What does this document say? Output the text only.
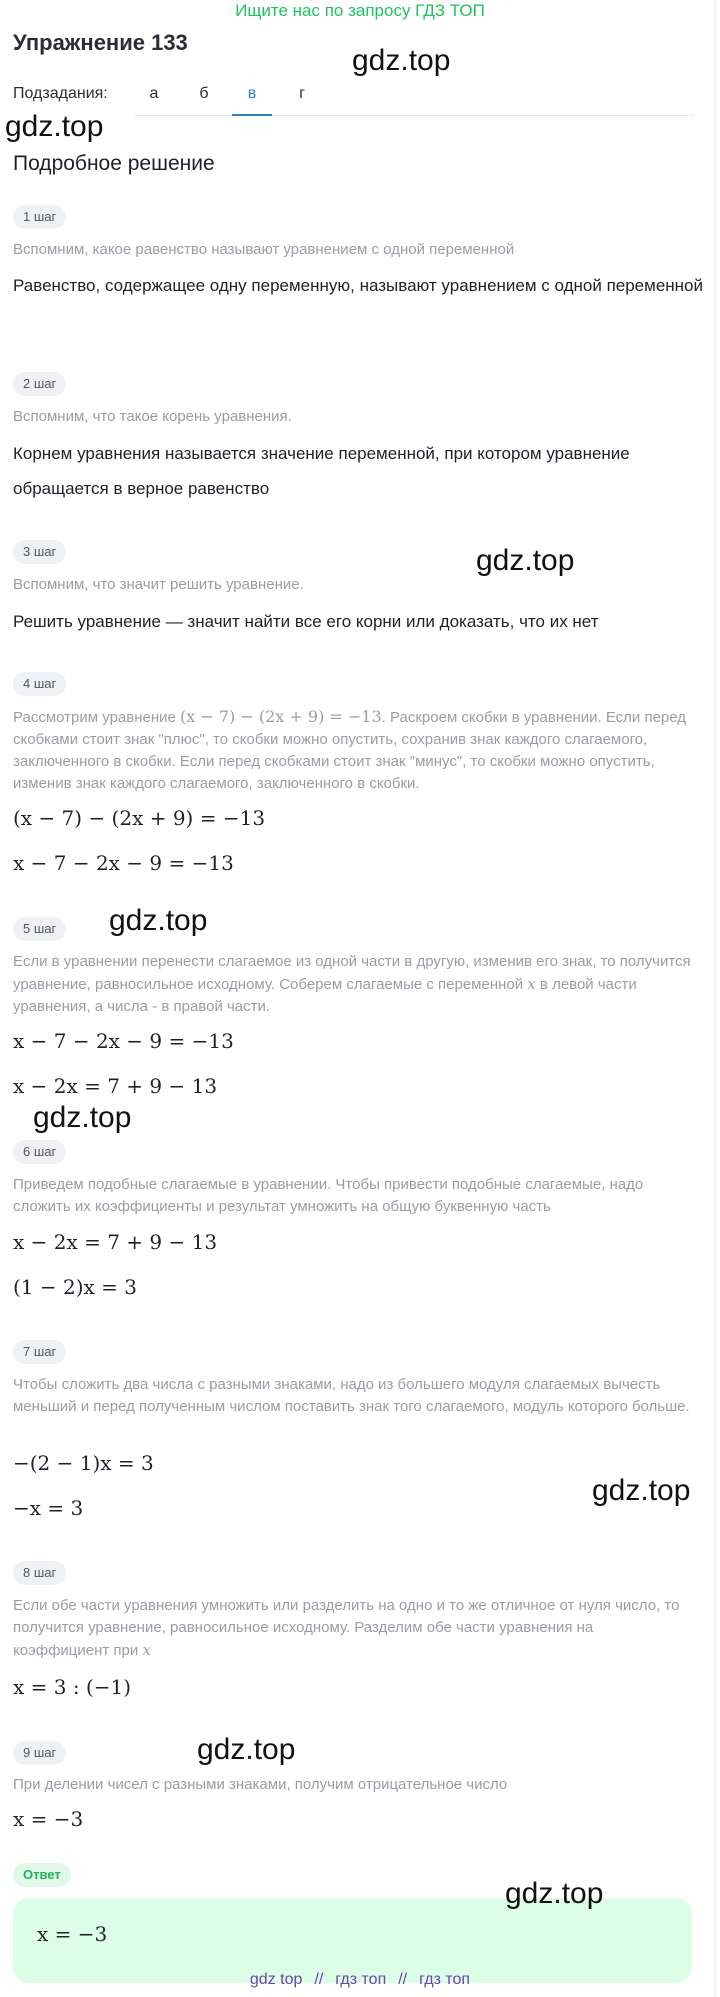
Ищите нас по запросу ГДЗ ТОП
Упражнение 133
gdz.top
Подзадания:	а	б	в	г
gdz.top
Подробное решение
1 шаг
Вспомним, какое равенство называют уравнением с одной переменной
Равенство, содержащее одну переменную, называют уравнением с одной переменной
2 шаг
Вспомним, что такое корень уравнения.
Корнем уравнения называется значение переменной, при котором уравнение обращается в верное равенство
3 шаг	gdz.top
Вспомним, что значит решить уравнение.
Решить уравнение — значит найти все его корни или доказать, что их нет
4 шаг
Рассмотрим уравнение (x − 7) − (2x + 9) = −13. Раскроем скобки в уравнении. Если перед скобками стоит знак "плюс", то скобки можно опустить, сохранив знак каждого слагаемого, заключенного в скобки. Если перед скобками стоит знак "минус", то скобки можно опустить, изменив знак каждого слагаемого, заключенного в скобки.
(x − 7) − (2x + 9) = −13
x − 7 − 2x − 9 = −13
5 шаг	gdz.top
Если в уравнении перенести слагаемое из одной части в другую, изменив его знак, то получится уравнение, равносильное исходному. Соберем слагаемые с переменной x в левой части уравнения, а числа - в правой части.
x − 7 − 2x − 9 = −13
x − 2x = 7 + 9 − 13
gdz.top
6 шаг
Приведем подобные слагаемые в уравнении. Чтобы привести подобные слагаемые, надо сложить их коэффициенты и результат умножить на общую буквенную часть
x − 2x = 7 + 9 − 13
(1 − 2)x = 3
7 шаг
Чтобы сложить два числа с разными знаками, надо из большего модуля слагаемых вычесть меньший и перед полученным числом поставить знак того слагаемого, модуль которого больше.
−(2 − 1)x = 3
−x = 3
gdz.top
8 шаг
Если обе части уравнения умножить или разделить на одно и то же отличное от нуля число, то получится уравнение, равносильное исходному. Разделим обе части уравнения на коэффициент при x
x = 3 : (−1)
9 шаг	gdz.top
При делении чисел с разными знаками, получим отрицательное число
x = −3
Ответ
x = −3
gdz.top
gdz top // гдз топ // гдз топ
